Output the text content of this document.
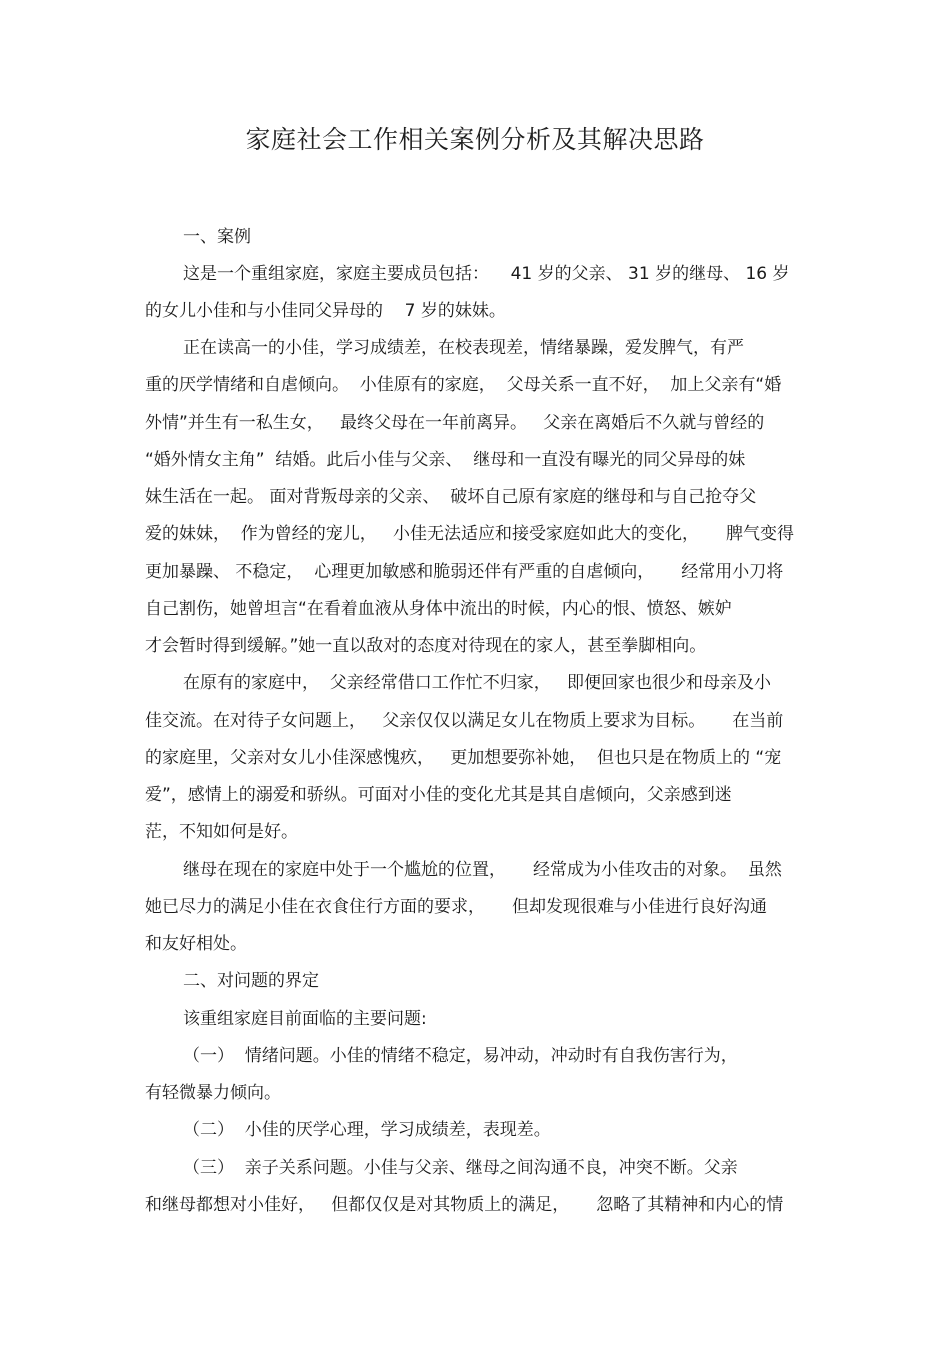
家庭社会工作相关案例分析及其解决思路
一、案例
这是一个重组家庭，家庭主要成员包括：    41 岁的父亲、 31 岁的继母、 16 岁
的女儿小佳和与小佳同父异母的    7 岁的妹妹。
正在读高一的小佳，学习成绩差，在校表现差，情绪暴躁，爱发脾气，有严
重的厌学情绪和自虐倾向。  小佳原有的家庭，  父母关系一直不好，  加上父亲有“婚
外情”并生有一私生女，   最终父母在一年前离异。   父亲在离婚后不久就与曾经的
“婚外情女主角”  结婚。此后小佳与父亲、  继母和一直没有曝光的同父异母的妹
妹生活在一起。 面对背叛母亲的父亲、  破坏自己原有家庭的继母和与自己抢夺父
爱的妹妹，  作为曾经的宠儿，   小佳无法适应和接受家庭如此大的变化，     脾气变得
更加暴躁、 不稳定，  心理更加敏感和脆弱还伴有严重的自虐倾向，     经常用小刀将
自己割伤，她曾坦言“在看着血液从身体中流出的时候，内心的恨、愤怒、嫉妒
才会暂时得到缓解。”她一直以敌对的态度对待现在的家人，甚至拳脚相向。
在原有的家庭中，  父亲经常借口工作忙不归家，   即便回家也很少和母亲及小
佳交流。在对待子女问题上，   父亲仅仅以满足女儿在物质上要求为目标。     在当前
的家庭里，父亲对女儿小佳深感愧疚，   更加想要弥补她，  但也只是在物质上的 “宠
爱”，感情上的溺爱和骄纵。可面对小佳的变化尤其是其自虐倾向，父亲感到迷
茫，不知如何是好。
继母在现在的家庭中处于一个尴尬的位置，     经常成为小佳攻击的对象。  虽然
她已尽力的满足小佳在衣食住行方面的要求，     但却发现很难与小佳进行良好沟通
和友好相处。
二、对问题的界定
该重组家庭目前面临的主要问题:
（一）  情绪问题。小佳的情绪不稳定，易冲动，冲动时有自我伤害行为，
有轻微暴力倾向。
（二）  小佳的厌学心理，学习成绩差，表现差。
（三）  亲子关系问题。小佳与父亲、继母之间沟通不良，冲突不断。父亲
和继母都想对小佳好，   但都仅仅是对其物质上的满足，     忽略了其精神和内心的情
